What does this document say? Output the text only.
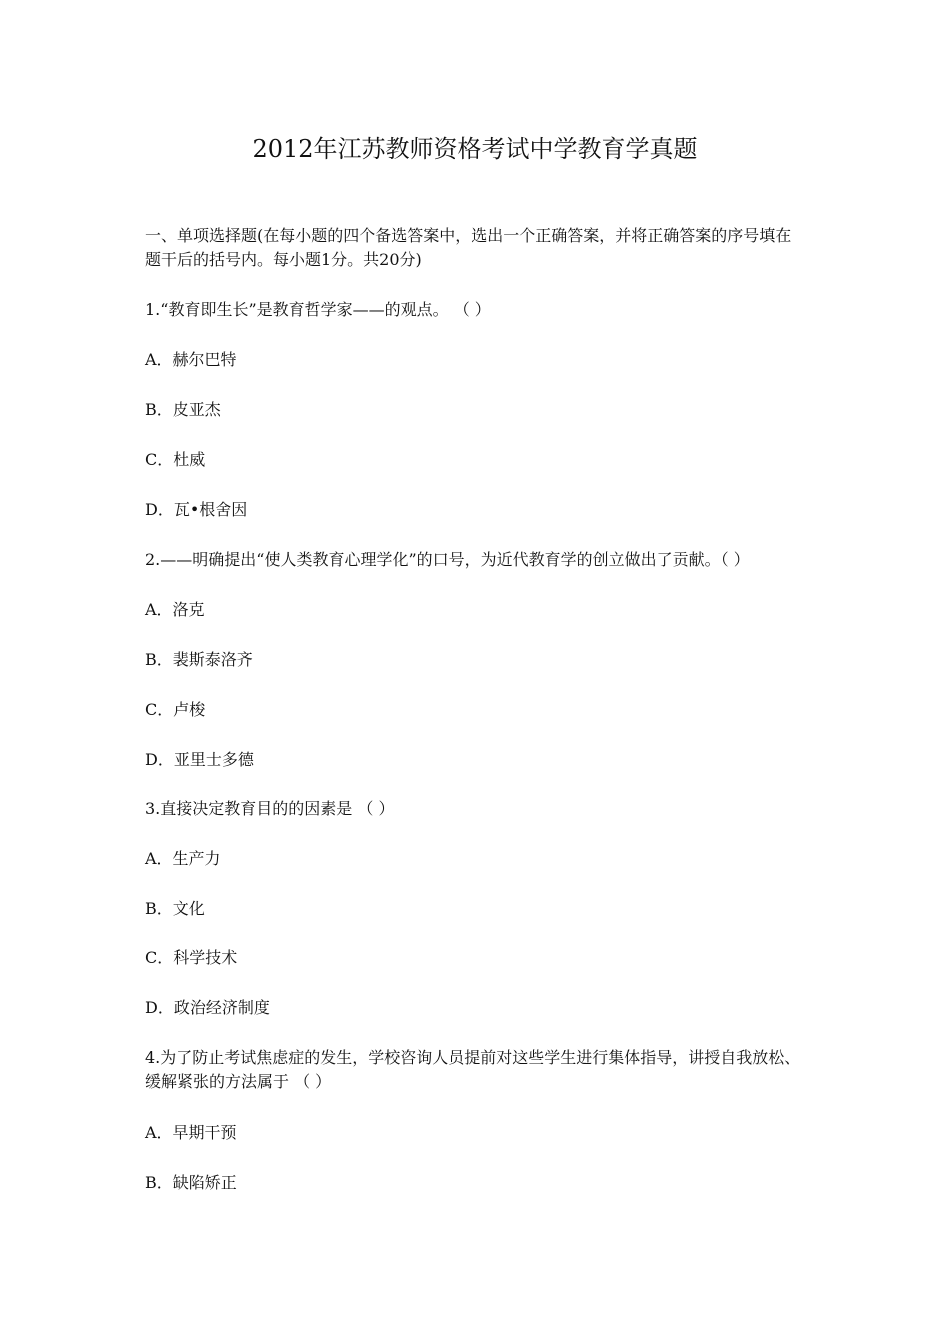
2012年江苏教师资格考试中学教育学真题
一、单项选择题(在每小题的四个备选答案中，选出一个正确答案，并将正确答案的序号填在
题干后的括号内。每小题1分。共20分)
1.“教育即生长”是教育哲学家——的观点。 （ ）
A．赫尔巴特
B．皮亚杰
C．杜威
D．瓦•根舍因
2.——明确提出“使人类教育心理学化”的口号，为近代教育学的创立做出了贡献。（ ）
A．洛克
B．裴斯泰洛齐
C．卢梭
D．亚里士多德
3.直接决定教育目的的因素是 （ ）
A．生产力
B．文化
C．科学技术
D．政治经济制度
4.为了防止考试焦虑症的发生，学校咨询人员提前对这些学生进行集体指导，讲授自我放松、
缓解紧张的方法属于 （ ）
A．早期干预
B．缺陷矫正
